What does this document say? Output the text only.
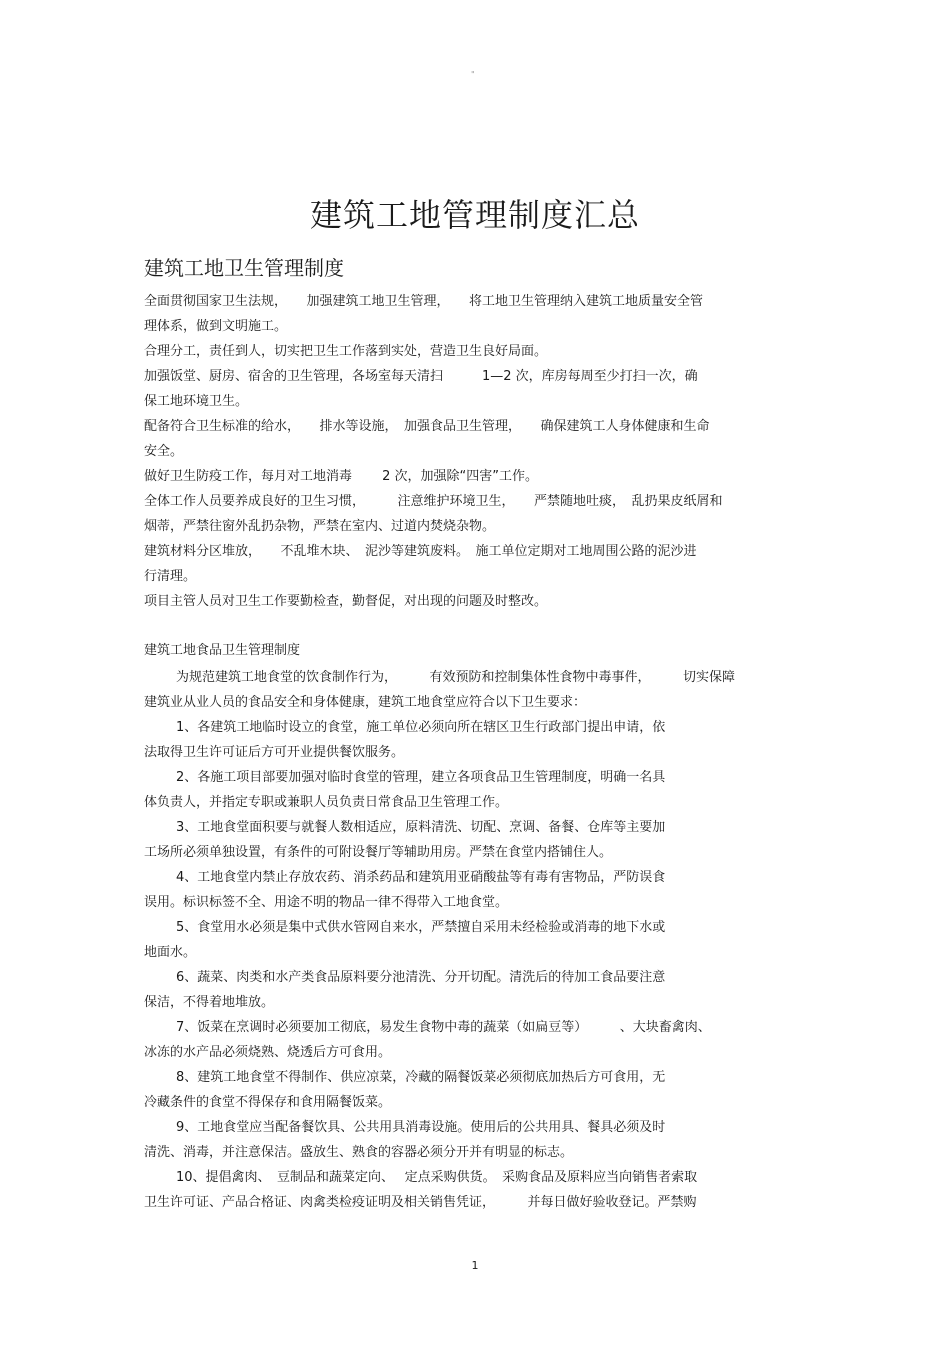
"
建筑工地管理制度汇总
建筑工地卫生管理制度
全面贯彻国家卫生法规，　　加强建筑工地卫生管理，　　将工地卫生管理纳入建筑工地质量安全管
理体系，做到文明施工。
合理分工，责任到人，切实把卫生工作落到实处，营造卫生良好局面。
加强饭堂、厨房、宿舍的卫生管理，各场室每天清扫　　　1—2 次，库房每周至少打扫一次，确
保工地环境卫生。
配备符合卫生标准的给水，　　排水等设施，　加强食品卫生管理，　　确保建筑工人身体健康和生命
安全。
做好卫生防疫工作，每月对工地消毒　　 2 次，加强除“四害”工作。
全体工作人员要养成良好的卫生习惯，　　　注意维护环境卫生，　　严禁随地吐痰，　乱扔果皮纸屑和
烟蒂，严禁往窗外乱扔杂物，严禁在室内、过道内焚烧杂物。
建筑材料分区堆放，　　不乱堆木块、　泥沙等建筑废料。　施工单位定期对工地周围公路的泥沙进
行清理。
项目主管人员对卫生工作要勤检查，勤督促，对出现的问题及时整改。
建筑工地食品卫生管理制度
为规范建筑工地食堂的饮食制作行为，　　　有效预防和控制集体性食物中毒事件，　　　切实保障
建筑业从业人员的食品安全和身体健康，建筑工地食堂应符合以下卫生要求：
1、各建筑工地临时设立的食堂，施工单位必须向所在辖区卫生行政部门提出申请，依
法取得卫生许可证后方可开业提供餐饮服务。
2、各施工项目部要加强对临时食堂的管理，建立各项食品卫生管理制度，明确一名具
体负责人，并指定专职或兼职人员负责日常食品卫生管理工作。
3、工地食堂面积要与就餐人数相适应，原料清洗、切配、烹调、备餐、仓库等主要加
工场所必须单独设置，有条件的可附设餐厅等辅助用房。严禁在食堂内搭铺住人。
4、工地食堂内禁止存放农药、消杀药品和建筑用亚硝酸盐等有毒有害物品，严防误食
误用。标识标签不全、用途不明的物品一律不得带入工地食堂。
5、食堂用水必须是集中式供水管网自来水，严禁擅自采用未经检验或消毒的地下水或
地面水。
6、蔬菜、肉类和水产类食品原料要分池清洗、分开切配。清洗后的待加工食品要注意
保洁，不得着地堆放。
7、饭菜在烹调时必须要加工彻底，易发生食物中毒的蔬菜（如扁豆等）　　　、大块畜禽肉、
冰冻的水产品必须烧熟、烧透后方可食用。
8、建筑工地食堂不得制作、供应凉菜，冷藏的隔餐饭菜必须彻底加热后方可食用，无
冷藏条件的食堂不得保存和食用隔餐饭菜。
9、工地食堂应当配备餐饮具、公共用具消毒设施。使用后的公共用具、餐具必须及时
清洗、消毒，并注意保洁。盛放生、熟食的容器必须分开并有明显的标志。
10、提倡禽肉、　豆制品和蔬菜定向、　 定点采购供货。　采购食品及原料应当向销售者索取
卫生许可证、产品合格证、肉禽类检疫证明及相关销售凭证，　　　并每日做好验收登记。严禁购
1
